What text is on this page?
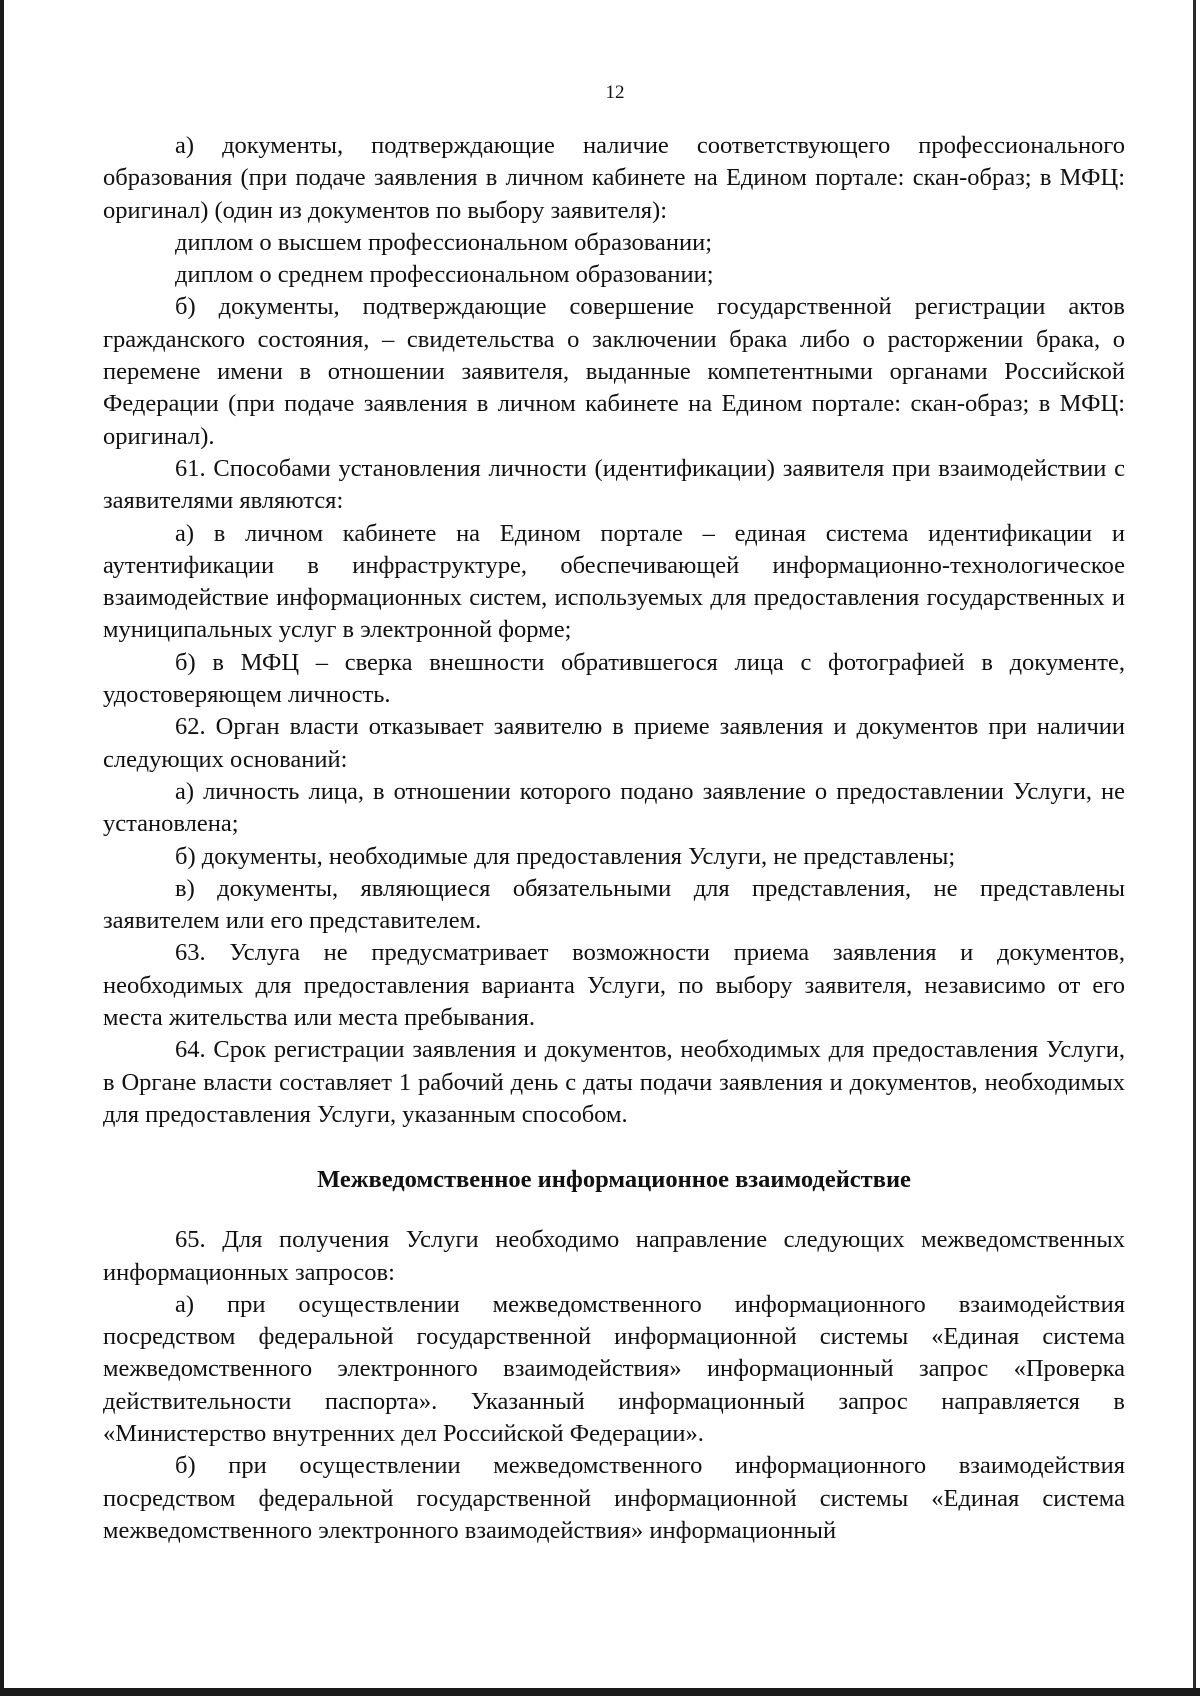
12

а) документы, подтверждающие наличие соответствующего профессионального образования (при подаче заявления в личном кабинете на Едином портале: скан-образ; в МФЦ: оригинал) (один из документов по выбору заявителя):

диплом о высшем профессиональном образовании;

диплом о среднем профессиональном образовании;

б) документы, подтверждающие совершение государственной регистрации актов гражданского состояния, – свидетельства о заключении брака либо о расторжении брака, о перемене имени в отношении заявителя, выданные компетентными органами Российской Федерации (при подаче заявления в личном кабинете на Едином портале: скан-образ; в МФЦ: оригинал).

61. Способами установления личности (идентификации) заявителя при взаимодействии с заявителями являются:

а) в личном кабинете на Едином портале – единая система идентификации и аутентификации в инфраструктуре, обеспечивающей информационно-технологическое взаимодействие информационных систем, используемых для предоставления государственных и муниципальных услуг в электронной форме;

б) в МФЦ – сверка внешности обратившегося лица с фотографией в документе, удостоверяющем личность.

62. Орган власти отказывает заявителю в приеме заявления и документов при наличии следующих оснований:

а) личность лица, в отношении которого подано заявление о предоставлении Услуги, не установлена;

б) документы, необходимые для предоставления Услуги, не представлены;

в) документы, являющиеся обязательными для представления, не представлены заявителем или его представителем.

63. Услуга не предусматривает возможности приема заявления и документов, необходимых для предоставления варианта Услуги, по выбору заявителя, независимо от его места жительства или места пребывания.

64. Срок регистрации заявления и документов, необходимых для предоставления Услуги, в Органе власти составляет 1 рабочий день с даты подачи заявления и документов, необходимых для предоставления Услуги, указанным способом.

Межведомственное информационное взаимодействие

65. Для получения Услуги необходимо направление следующих межведомственных информационных запросов:

а) при осуществлении межведомственного информационного взаимодействия посредством федеральной государственной информационной системы «Единая система межведомственного электронного взаимодействия» информационный запрос «Проверка действительности паспорта». Указанный информационный запрос направляется в «Министерство внутренних дел Российской Федерации».

б) при осуществлении межведомственного информационного взаимодействия посредством федеральной государственной информационной системы «Единая система межведомственного электронного взаимодействия» информационный
